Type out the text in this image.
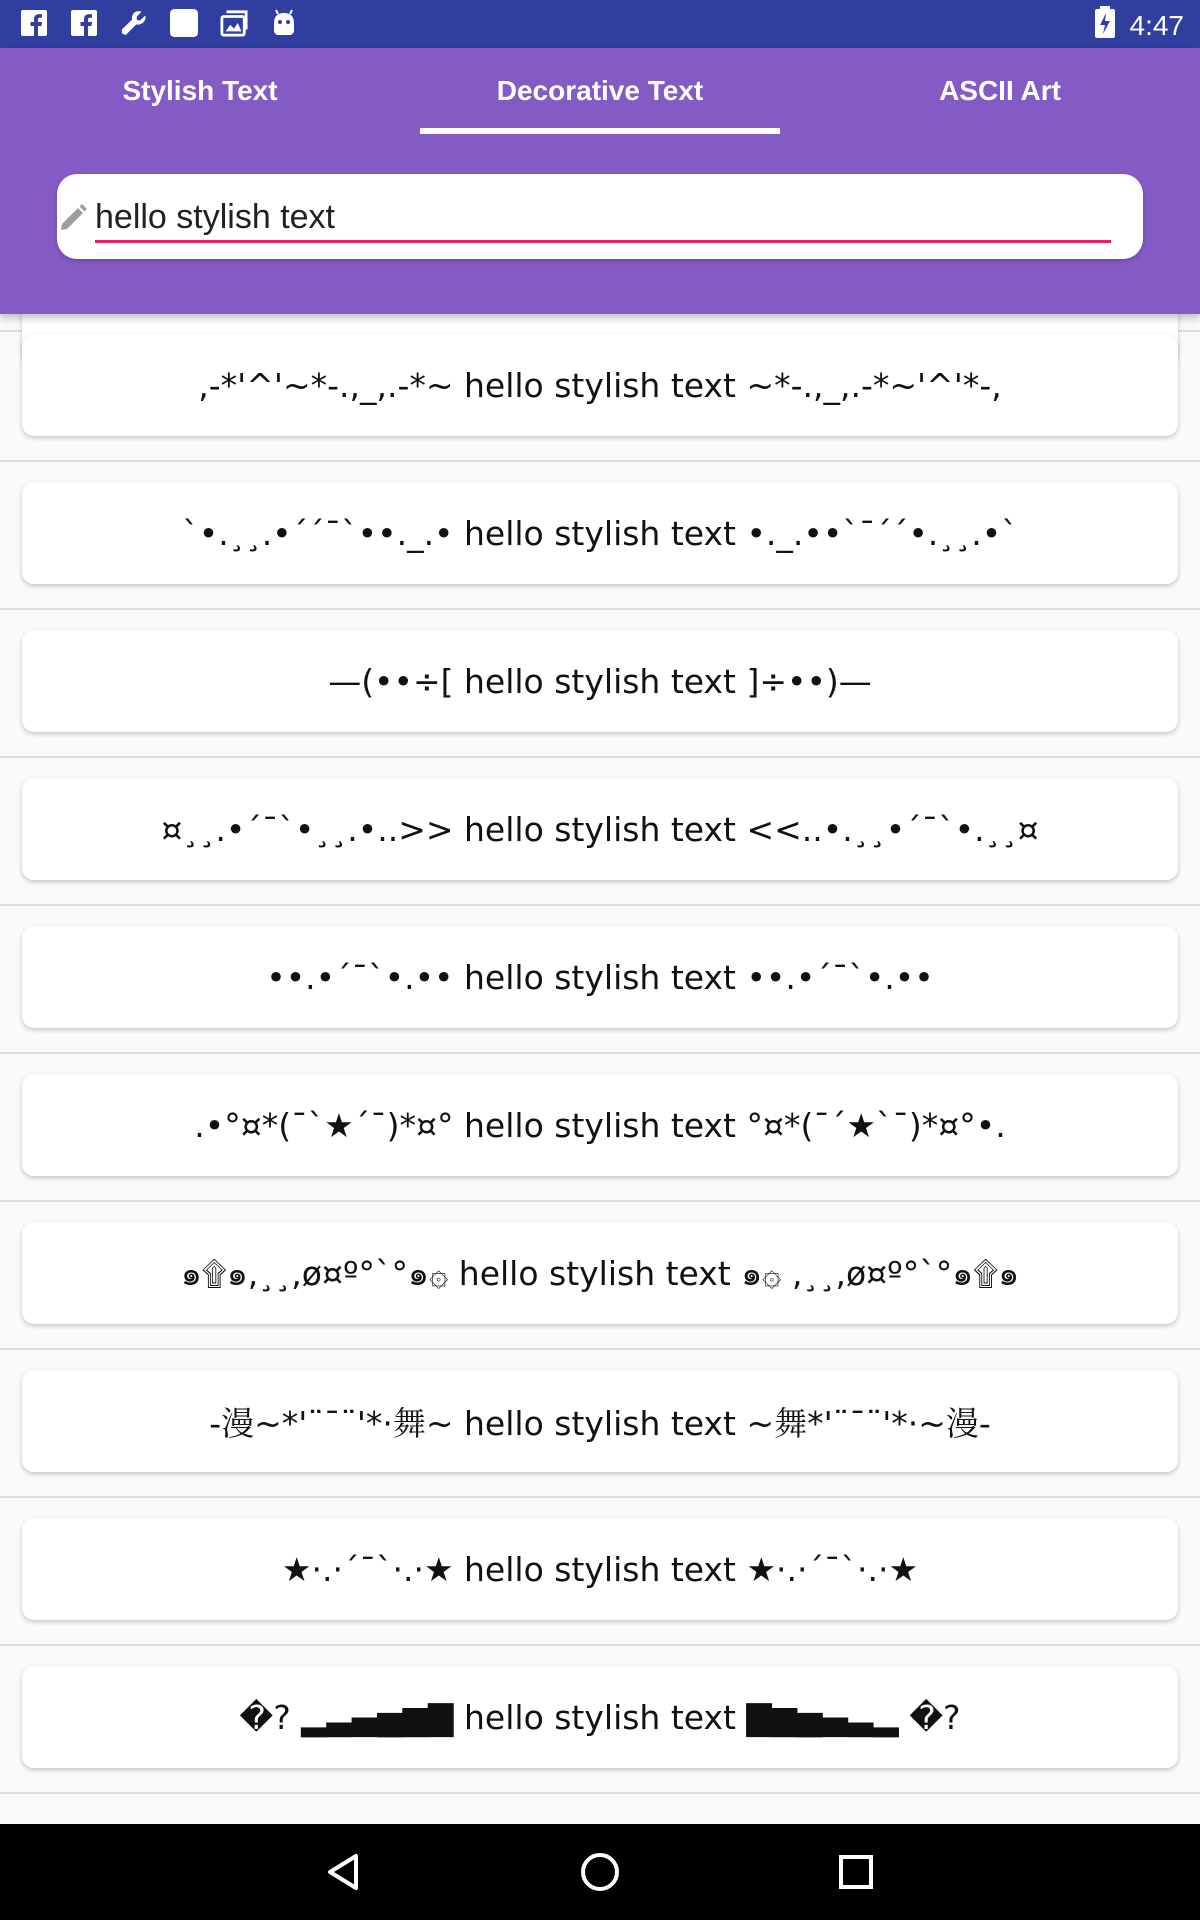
4:47
Stylish Text	Decorative Text	ASCII Art
hello stylish text
,-*'^'~*-.,_,.-*~ hello stylish text ~*-.,_,.-*~'^'*-,
`•.¸¸.•´´¯`••._.• hello stylish text •._.••`¯´´•.¸¸.•`
—(••÷[ hello stylish text ]÷••)—
¤¸¸.•´¯`•¸¸.•..>> hello stylish text <<..•.¸¸•´¯`•.¸¸¤
••.•´¯`•.•• hello stylish text ••.•´¯`•.••
.•°¤*(¯`★´¯)*¤° hello stylish text °¤*(¯´★`¯)*¤°•.
๑۩๑,¸¸,ø¤º°`°๑۞ hello stylish text ๑۞ ,¸¸,ø¤º°`°๑۩๑
-漫~*'¨¯¨'*·舞~ hello stylish text ~舞*'¨¯¨'*·~漫-
★·.·´¯`·.·★ hello stylish text ★·.·´¯`·.·★
�? ▂▃▄▅▆▇ hello stylish text ▇▆▅▄▃▂ �?
